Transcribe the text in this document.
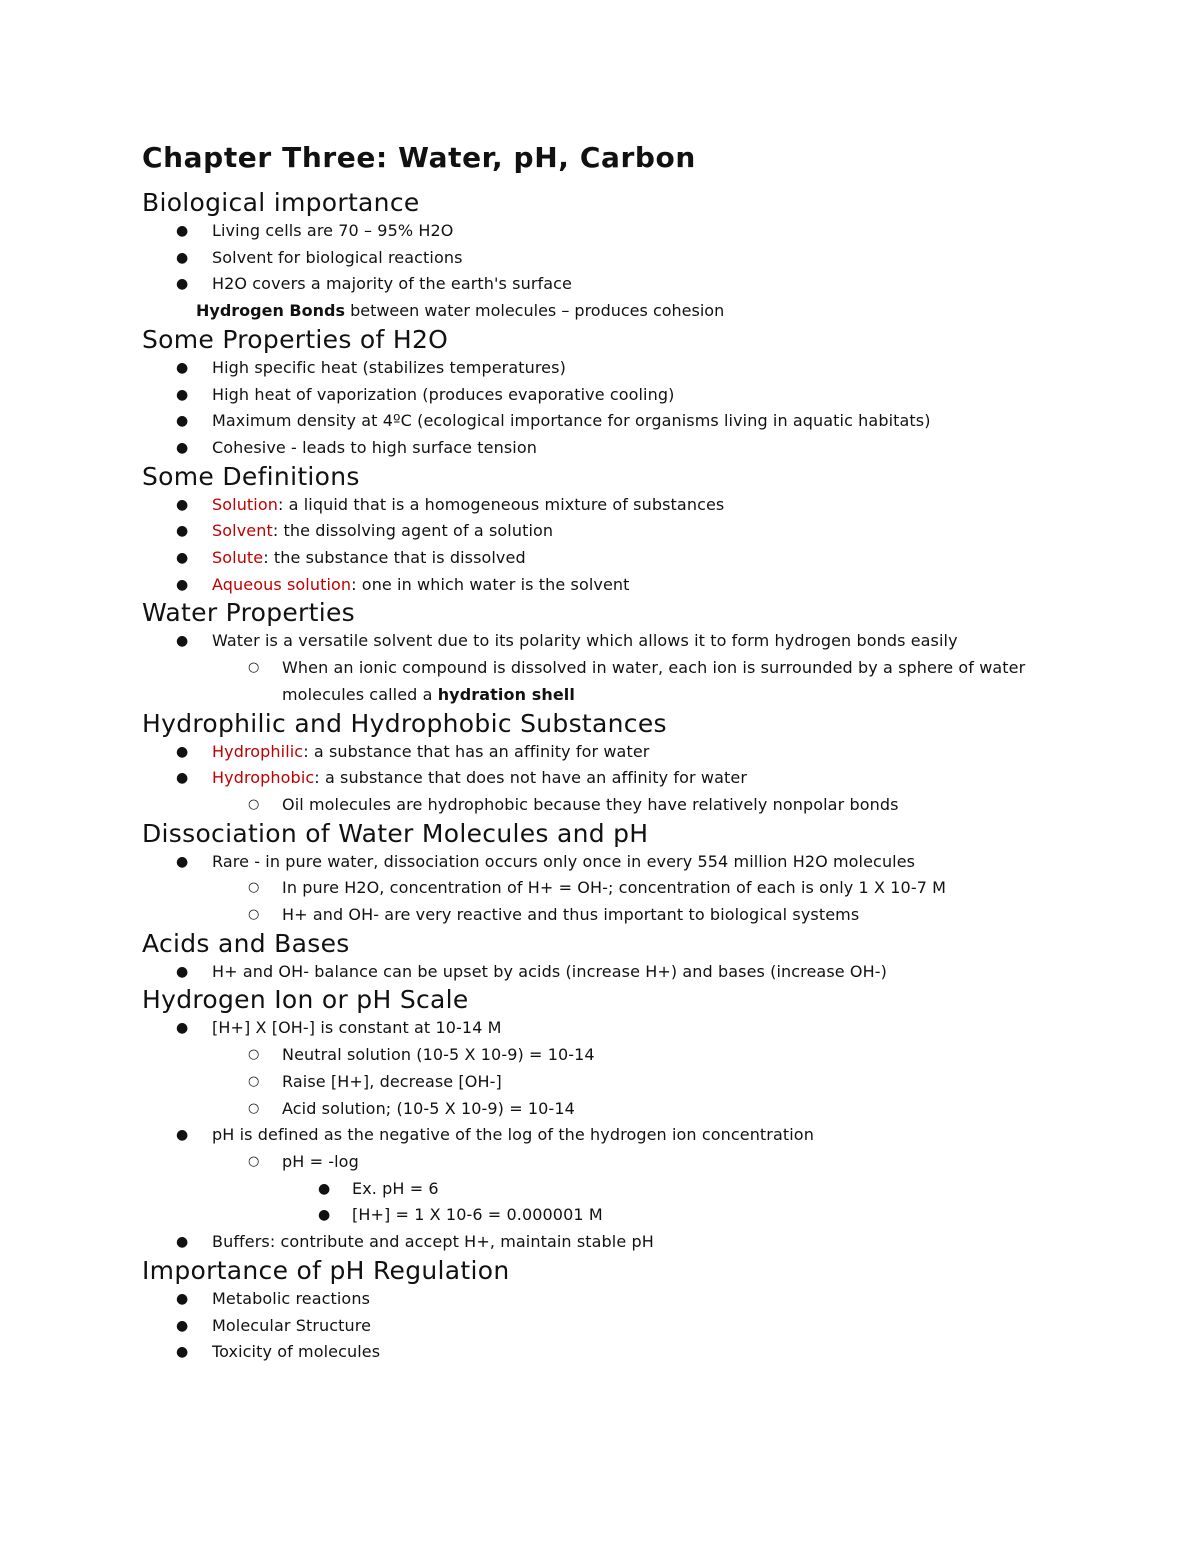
Chapter Three: Water, pH, Carbon
Biological importance
● Living cells are 70 – 95% H2O
● Solvent for biological reactions
● H2O covers a majority of the earth's surface
Hydrogen Bonds between water molecules – produces cohesion
Some Properties of H2O
● High specific heat (stabilizes temperatures)
● High heat of vaporization (produces evaporative cooling)
● Maximum density at 4ºC (ecological importance for organisms living in aquatic habitats)
● Cohesive - leads to high surface tension
Some Definitions
● Solution: a liquid that is a homogeneous mixture of substances
● Solvent: the dissolving agent of a solution
● Solute: the substance that is dissolved
● Aqueous solution: one in which water is the solvent
Water Properties
● Water is a versatile solvent due to its polarity which allows it to form hydrogen bonds easily
○ When an ionic compound is dissolved in water, each ion is surrounded by a sphere of water molecules called a hydration shell
Hydrophilic and Hydrophobic Substances
● Hydrophilic: a substance that has an affinity for water
● Hydrophobic: a substance that does not have an affinity for water
○ Oil molecules are hydrophobic because they have relatively nonpolar bonds
Dissociation of Water Molecules and pH
● Rare - in pure water, dissociation occurs only once in every 554 million H2O molecules
○ In pure H2O, concentration of H+ = OH-; concentration of each is only 1 X 10-7 M
○ H+ and OH- are very reactive and thus important to biological systems
Acids and Bases
● H+ and OH- balance can be upset by acids (increase H+) and bases (increase OH-)
Hydrogen Ion or pH Scale
● [H+] X [OH-] is constant at 10-14 M
○ Neutral solution (10-5 X 10-9) = 10-14
○ Raise [H+], decrease [OH-]
○ Acid solution; (10-5 X 10-9) = 10-14
● pH is defined as the negative of the log of the hydrogen ion concentration
○ pH = -log
● Ex. pH = 6
● [H+] = 1 X 10-6 = 0.000001 M
● Buffers: contribute and accept H+, maintain stable pH
Importance of pH Regulation
● Metabolic reactions
● Molecular Structure
● Toxicity of molecules
